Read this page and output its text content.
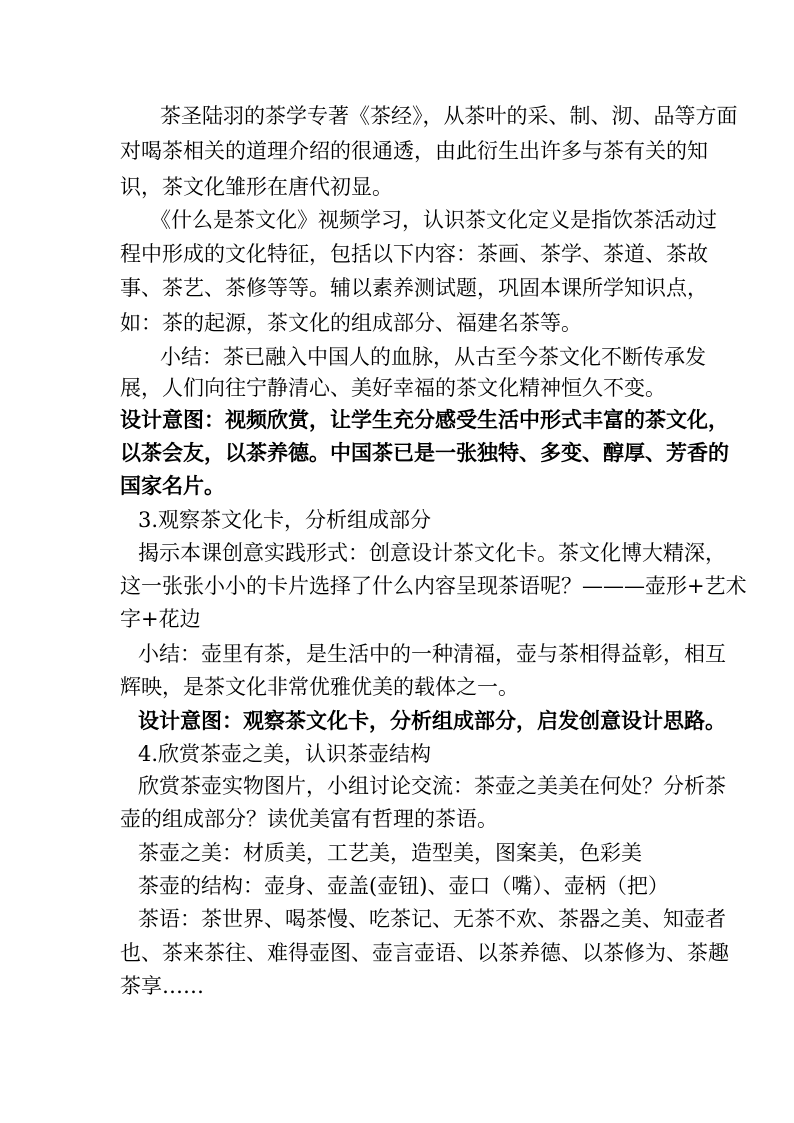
茶圣陆羽的茶学专著《茶经》，从茶叶的采、制、沏、品等方面
对喝茶相关的道理介绍的很通透，由此衍生出许多与茶有关的知
识，茶文化雏形在唐代初显。
《什么是茶文化》视频学习，认识茶文化定义是指饮茶活动过
程中形成的文化特征，包括以下内容：茶画、茶学、茶道、茶故
事、茶艺、茶修等等。辅以素养测试题，巩固本课所学知识点，
如：茶的起源，茶文化的组成部分、福建名茶等。
小结：茶已融入中国人的血脉，从古至今茶文化不断传承发
展，人们向往宁静清心、美好幸福的茶文化精神恒久不变。
设计意图：视频欣赏，让学生充分感受生活中形式丰富的茶文化，
以茶会友，以茶养德。中国茶已是一张独特、多变、醇厚、芳香的
国家名片。
3.观察茶文化卡，分析组成部分
揭示本课创意实践形式：创意设计茶文化卡。茶文化博大精深，
这一张张小小的卡片选择了什么内容呈现茶语呢？———壶形+艺术
字+花边
小结：壶里有茶，是生活中的一种清福，壶与茶相得益彰，相互
辉映，是茶文化非常优雅优美的载体之一。
设计意图：观察茶文化卡，分析组成部分，启发创意设计思路。
4.欣赏茶壶之美，认识茶壶结构
欣赏茶壶实物图片，小组讨论交流：茶壶之美美在何处？分析茶
壶的组成部分？读优美富有哲理的茶语。
茶壶之美：材质美，工艺美，造型美，图案美，色彩美
茶壶的结构：壶身、壶盖(壶钮)、壶口（嘴）、壶柄（把）
茶语：茶世界、喝茶慢、吃茶记、无茶不欢、茶器之美、知壶者
也、茶来茶往、难得壶图、壶言壶语、以茶养德、以茶修为、茶趣
茶享……
